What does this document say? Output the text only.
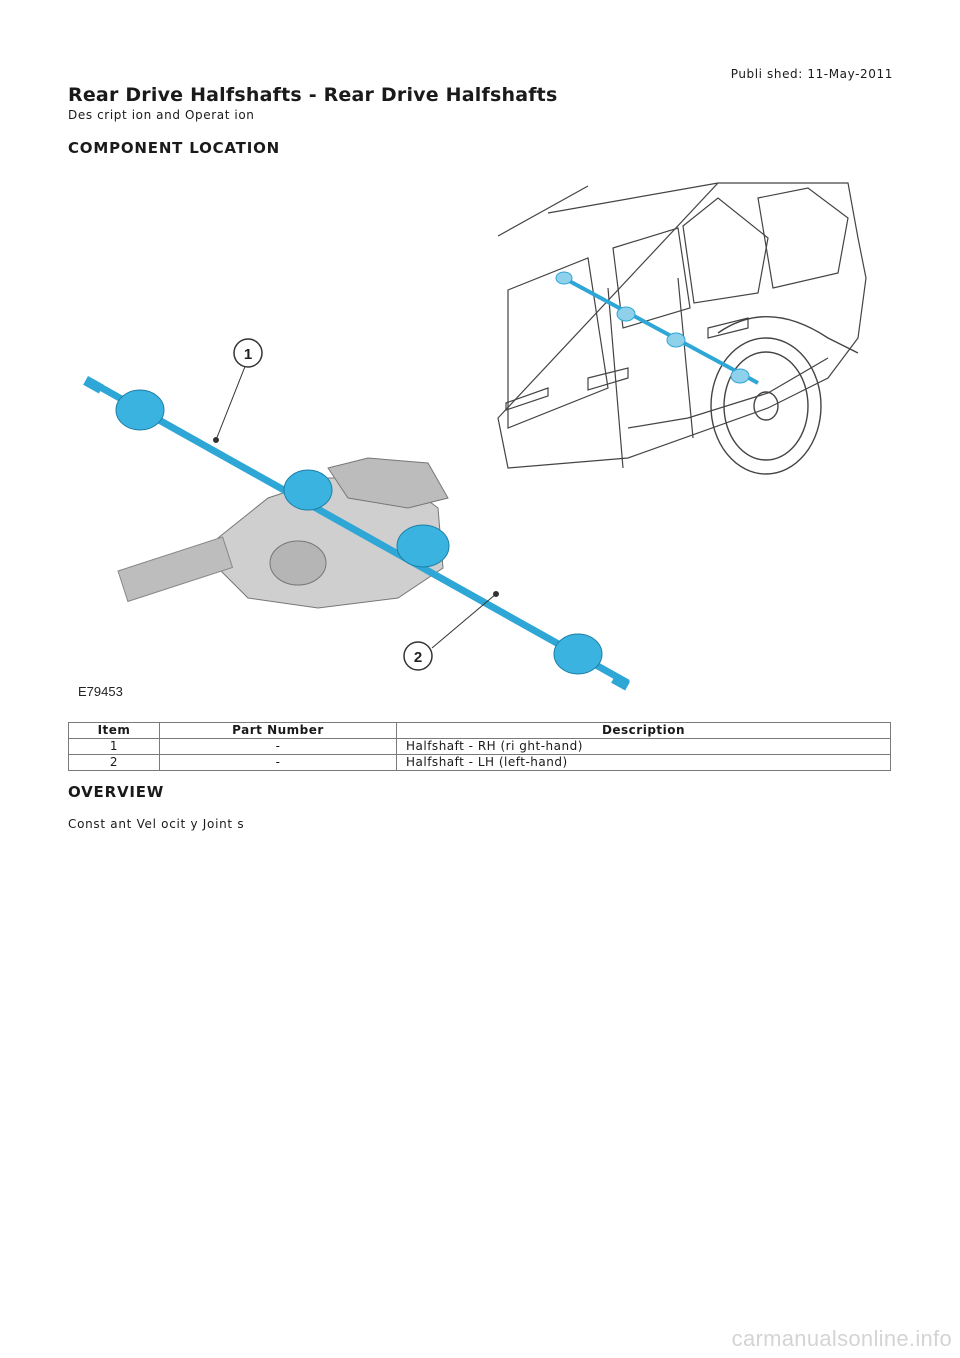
Publi shed: 11-May-2011
Rear Drive Halfshafts - Rear Drive Halfshafts
Des cript ion and Operat ion
COMPONENT LOCATION
1
2
E79453
Item	Part Number	Description
1	-	Halfshaft - RH (ri ght-hand)
2	-	Halfshaft - LH (left-hand)
OVERVIEW
Const ant Vel ocit y Joint s
carmanualsonline.info
